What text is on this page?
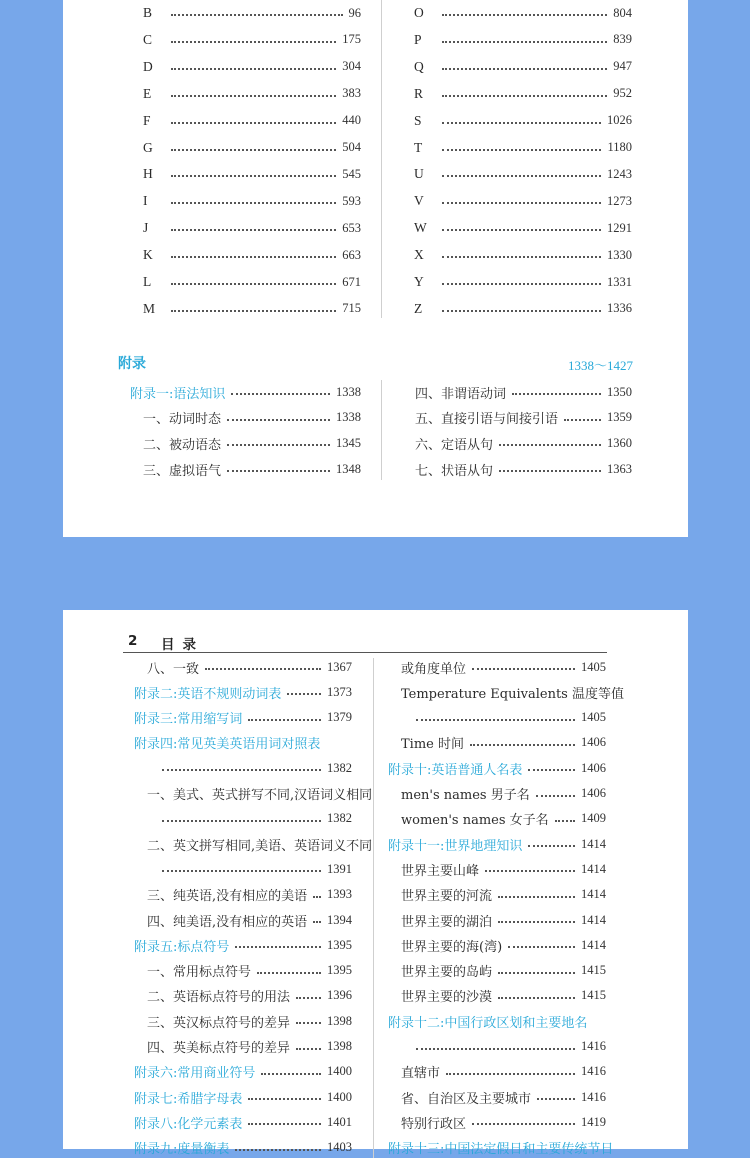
B	96
C	175
D	304
E	383
F	440
G	504
H	545
I	593
J	653
K	663
L	671
M	715
O	804
P	839
Q	947
R	952
S	1026
T	1180
U	1243
V	1273
W	1291
X	1330
Y	1331
Z	1336
附录	1338～1427
附录一:语法知识	1338
一、动词时态	1338
二、被动语态	1345
三、虚拟语气	1348
四、非谓语动词	1350
五、直接引语与间接引语	1359
六、定语从句	1360
七、状语从句	1363
2 目录
八、一致	1367
附录二:英语不规则动词表	1373
附录三:常用缩写词	1379
附录四:常见英美英语用词对照表
1382
一、美式、英式拼写不同,汉语词义相同
1382
二、英文拼写相同,美语、英语词义不同
1391
三、纯英语,没有相应的美语 1393
四、纯美语,没有相应的英语 1394
附录五:标点符号	1395
一、常用标点符号	1395
二、英语标点符号的用法	1396
三、英汉标点符号的差异	1398
四、英美标点符号的差异	1398
附录六:常用商业符号	1400
附录七:希腊字母表	1400
附录八:化学元素表	1401
附录九:度量衡表	1403
或角度单位	1405
Temperature Equivalents 温度等值
1405
Time 时间	1406
附录十:英语普通人名表	1406
men's names 男子名	1406
women's names 女子名	1409
附录十一:世界地理知识	1414
世界主要山峰	1414
世界主要的河流	1414
世界主要的湖泊	1414
世界主要的海(湾)	1414
世界主要的岛屿	1415
世界主要的沙漠	1415
附录十二:中国行政区划和主要地名
1416
直辖市	1416
省、自治区及主要城市	1416
特别行政区	1419
附录十三:中国法定假日和主要传统节日
